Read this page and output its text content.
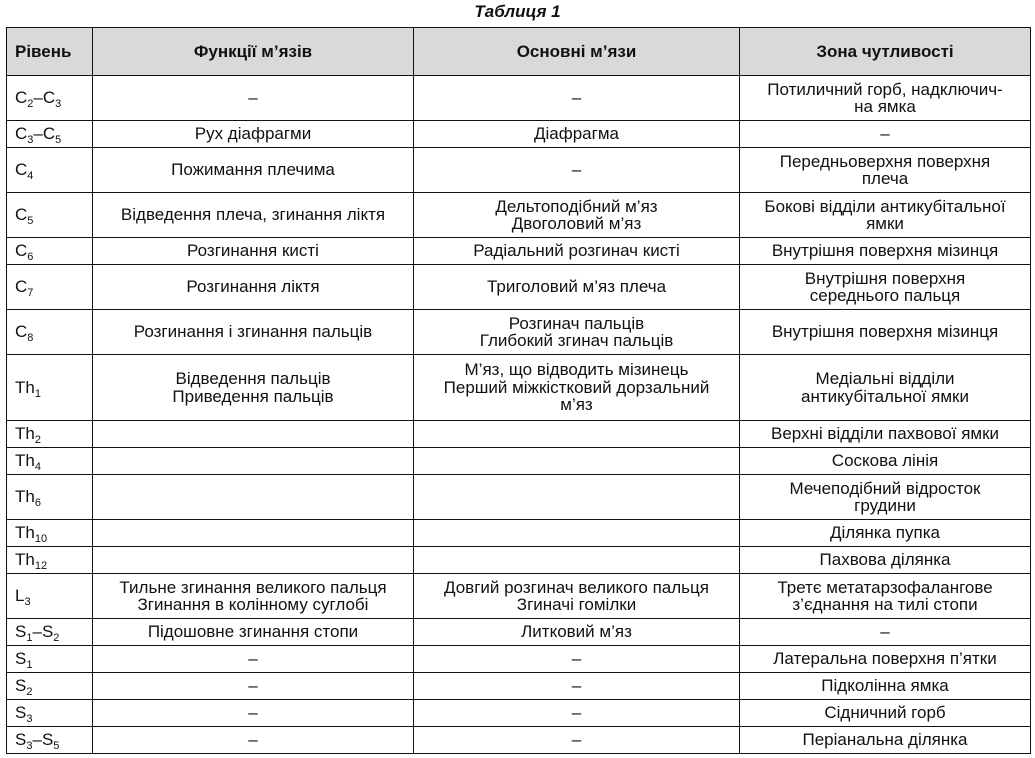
Таблиця 1
Рівень	Функції м’язів	Основні м’язи	Зона чутливості
$C_2-C_3$	–	–	Потиличний горб, надключич-
на ямка

$C_3-C_5$	Рух діафрагми	Діафрагма	–

$C_4$	Пожимання плечима	–	Передньоверхня поверхня
плеча

$C_5$	Відведення плеча, згинання ліктя	Дельтоподібний м’яз
Двоголовий м’яз	Бокові відділи антикубітальної
ямки

$C_6$	Розгинання кисті	Радіальний розгинач кисті	Внутрішня поверхня мізинця

$C_7$	Розгинання ліктя	Триголовий м’яз плеча	Внутрішня поверхня
середнього пальця

$C_8$	Розгинання і згинання пальців	Розгинач пальців
Глибокий згинач пальців	Внутрішня поверхня мізинця

$Th_1$	Відведення пальців
Приведення пальців	М’яз, що відводить мізинець
Перший міжкістковий дорзальний
м’яз	Медіальні відділи
антикубітальної ямки

$Th_2$			Верхні відділи пахвової ямки

$Th_4$			Соскова лінія

$Th_6$			Мечеподібний відросток
грудини

$Th_{10}$			Ділянка пупка

$Th_{12}$			Пахвова ділянка

$L_3$	Тильне згинання великого пальця
Згинання в колінному суглобі	Довгий розгинач великого пальця
Згиначі гомілки	Третє метатарзофалангове
з’єднання на тилі стопи

$S_1-S_2$	Підошовне згинання стопи	Литковий м’яз	–

$S_1$	–	–	Латеральна поверхня п’ятки

$S_2$	–	–	Підколінна ямка

$S_3$	–	–	Сідничний горб

$S_3-S_5$	–	–	Періанальна ділянка
